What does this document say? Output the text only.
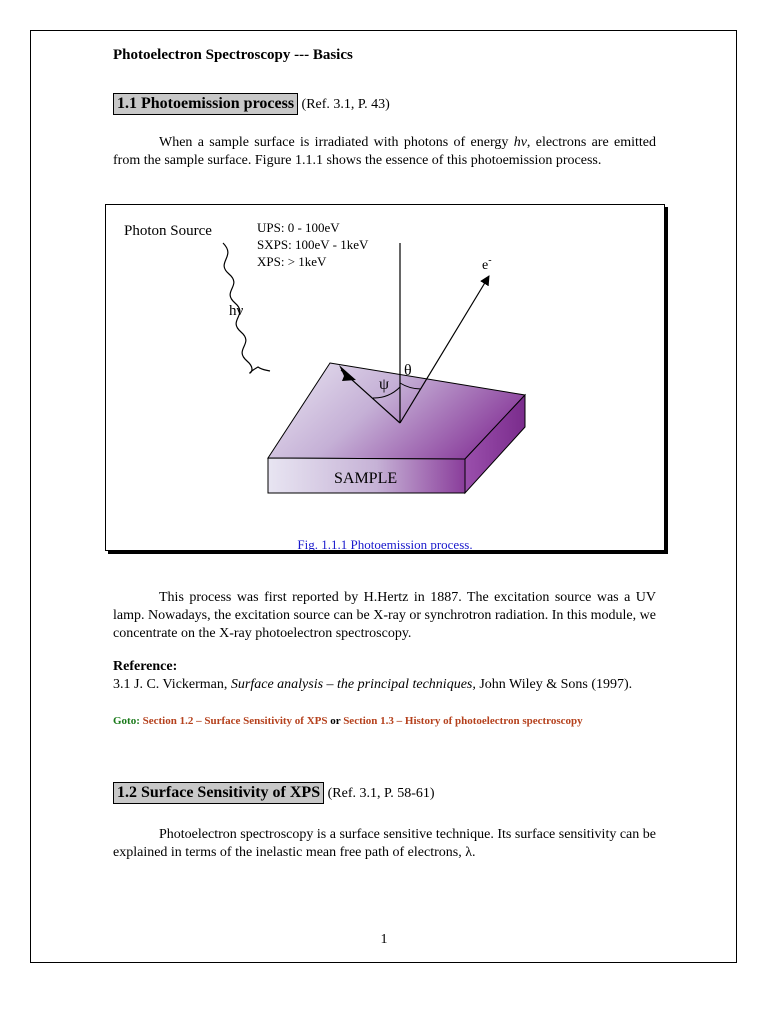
Photoelectron Spectroscopy --- Basics
1.1 Photoemission process (Ref. 3.1, P. 43)

When a sample surface is irradiated with photons of energy hν, electrons are emitted from the sample surface. Figure 1.1.1 shows the essence of this photoemission process.

SAMPLE
Photon Source	UPS: 0 - 100eV
SXPS: 100eV - 1keV
XPS: > 1keV
hν
e-
ψ
θ
Fig. 1.1.1 Photoemission process.

This process was first reported by H.Hertz in 1887. The excitation source was a UV lamp. Nowadays, the excitation source can be X-ray or synchrotron radiation. In this module, we concentrate on the X-ray photoelectron spectroscopy.

Reference:

3.1 J. C. Vickerman, Surface analysis – the principal techniques, John Wiley & Sons (1997).

Goto: Section 1.2 – Surface Sensitivity of XPS or Section 1.3 – History of photoelectron spectroscopy
1.2 Surface Sensitivity of XPS (Ref. 3.1, P. 58-61)

Photoelectron spectroscopy is a surface sensitive technique. Its surface sensitivity can be explained in terms of the inelastic mean free path of electrons, λ.

1
